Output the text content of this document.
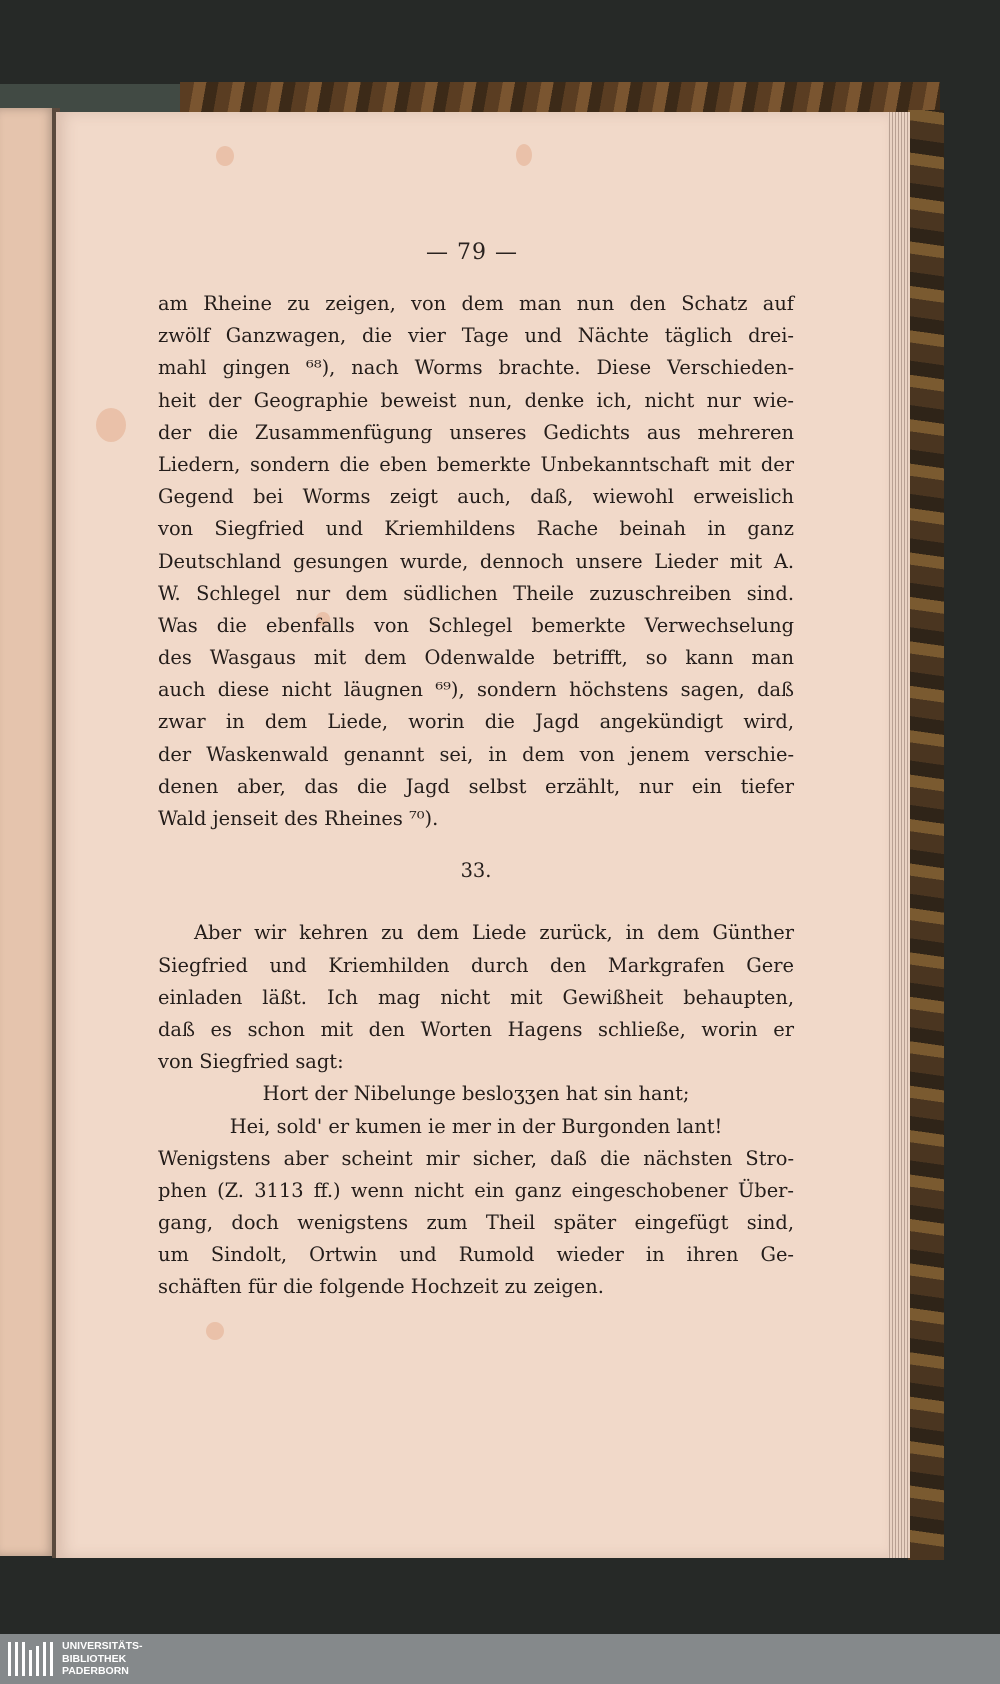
— 79 —
am Rheine zu zeigen, von dem man nun den Schatz auf
zwölf Ganzwagen, die vier Tage und Nächte täglich drei-
mahl gingen ⁶⁸), nach Worms brachte. Diese Verschieden-
heit der Geographie beweist nun, denke ich, nicht nur wie-
der die Zusammenfügung unseres Gedichts aus mehreren
Liedern, sondern die eben bemerkte Unbekanntschaft mit der
Gegend bei Worms zeigt auch, daß, wiewohl erweislich
von Siegfried und Kriemhildens Rache beinah in ganz
Deutschland gesungen wurde, dennoch unsere Lieder mit A.
W. Schlegel nur dem südlichen Theile zuzuschreiben sind.
Was die ebenfalls von Schlegel bemerkte Verwechselung
des Wasgaus mit dem Odenwalde betrifft, so kann man
auch diese nicht läugnen ⁶⁹), sondern höchstens sagen, daß
zwar in dem Liede, worin die Jagd angekündigt wird,
der Waskenwald genannt sei, in dem von jenem verschie-
denen aber, das die Jagd selbst erzählt, nur ein tiefer
Wald jenseit des Rheines ⁷⁰).
33.
Aber wir kehren zu dem Liede zurück, in dem Günther
Siegfried und Kriemhilden durch den Markgrafen Gere
einladen läßt. Ich mag nicht mit Gewißheit behaupten,
daß es schon mit den Worten Hagens schließe, worin er
von Siegfried sagt:
Hort der Nibelunge besloʒʒen hat sin hant;
Hei, sold' er kumen ie mer in der Burgonden lant!
Wenigstens aber scheint mir sicher, daß die nächsten Stro-
phen (Z. 3113 ff.) wenn nicht ein ganz eingeschobener Über-
gang, doch wenigstens zum Theil später eingefügt sind,
um Sindolt, Ortwin und Rumold wieder in ihren Ge-
schäften für die folgende Hochzeit zu zeigen.
UNIVERSITÄTS-
BIBLIOTHEK
PADERBORN
